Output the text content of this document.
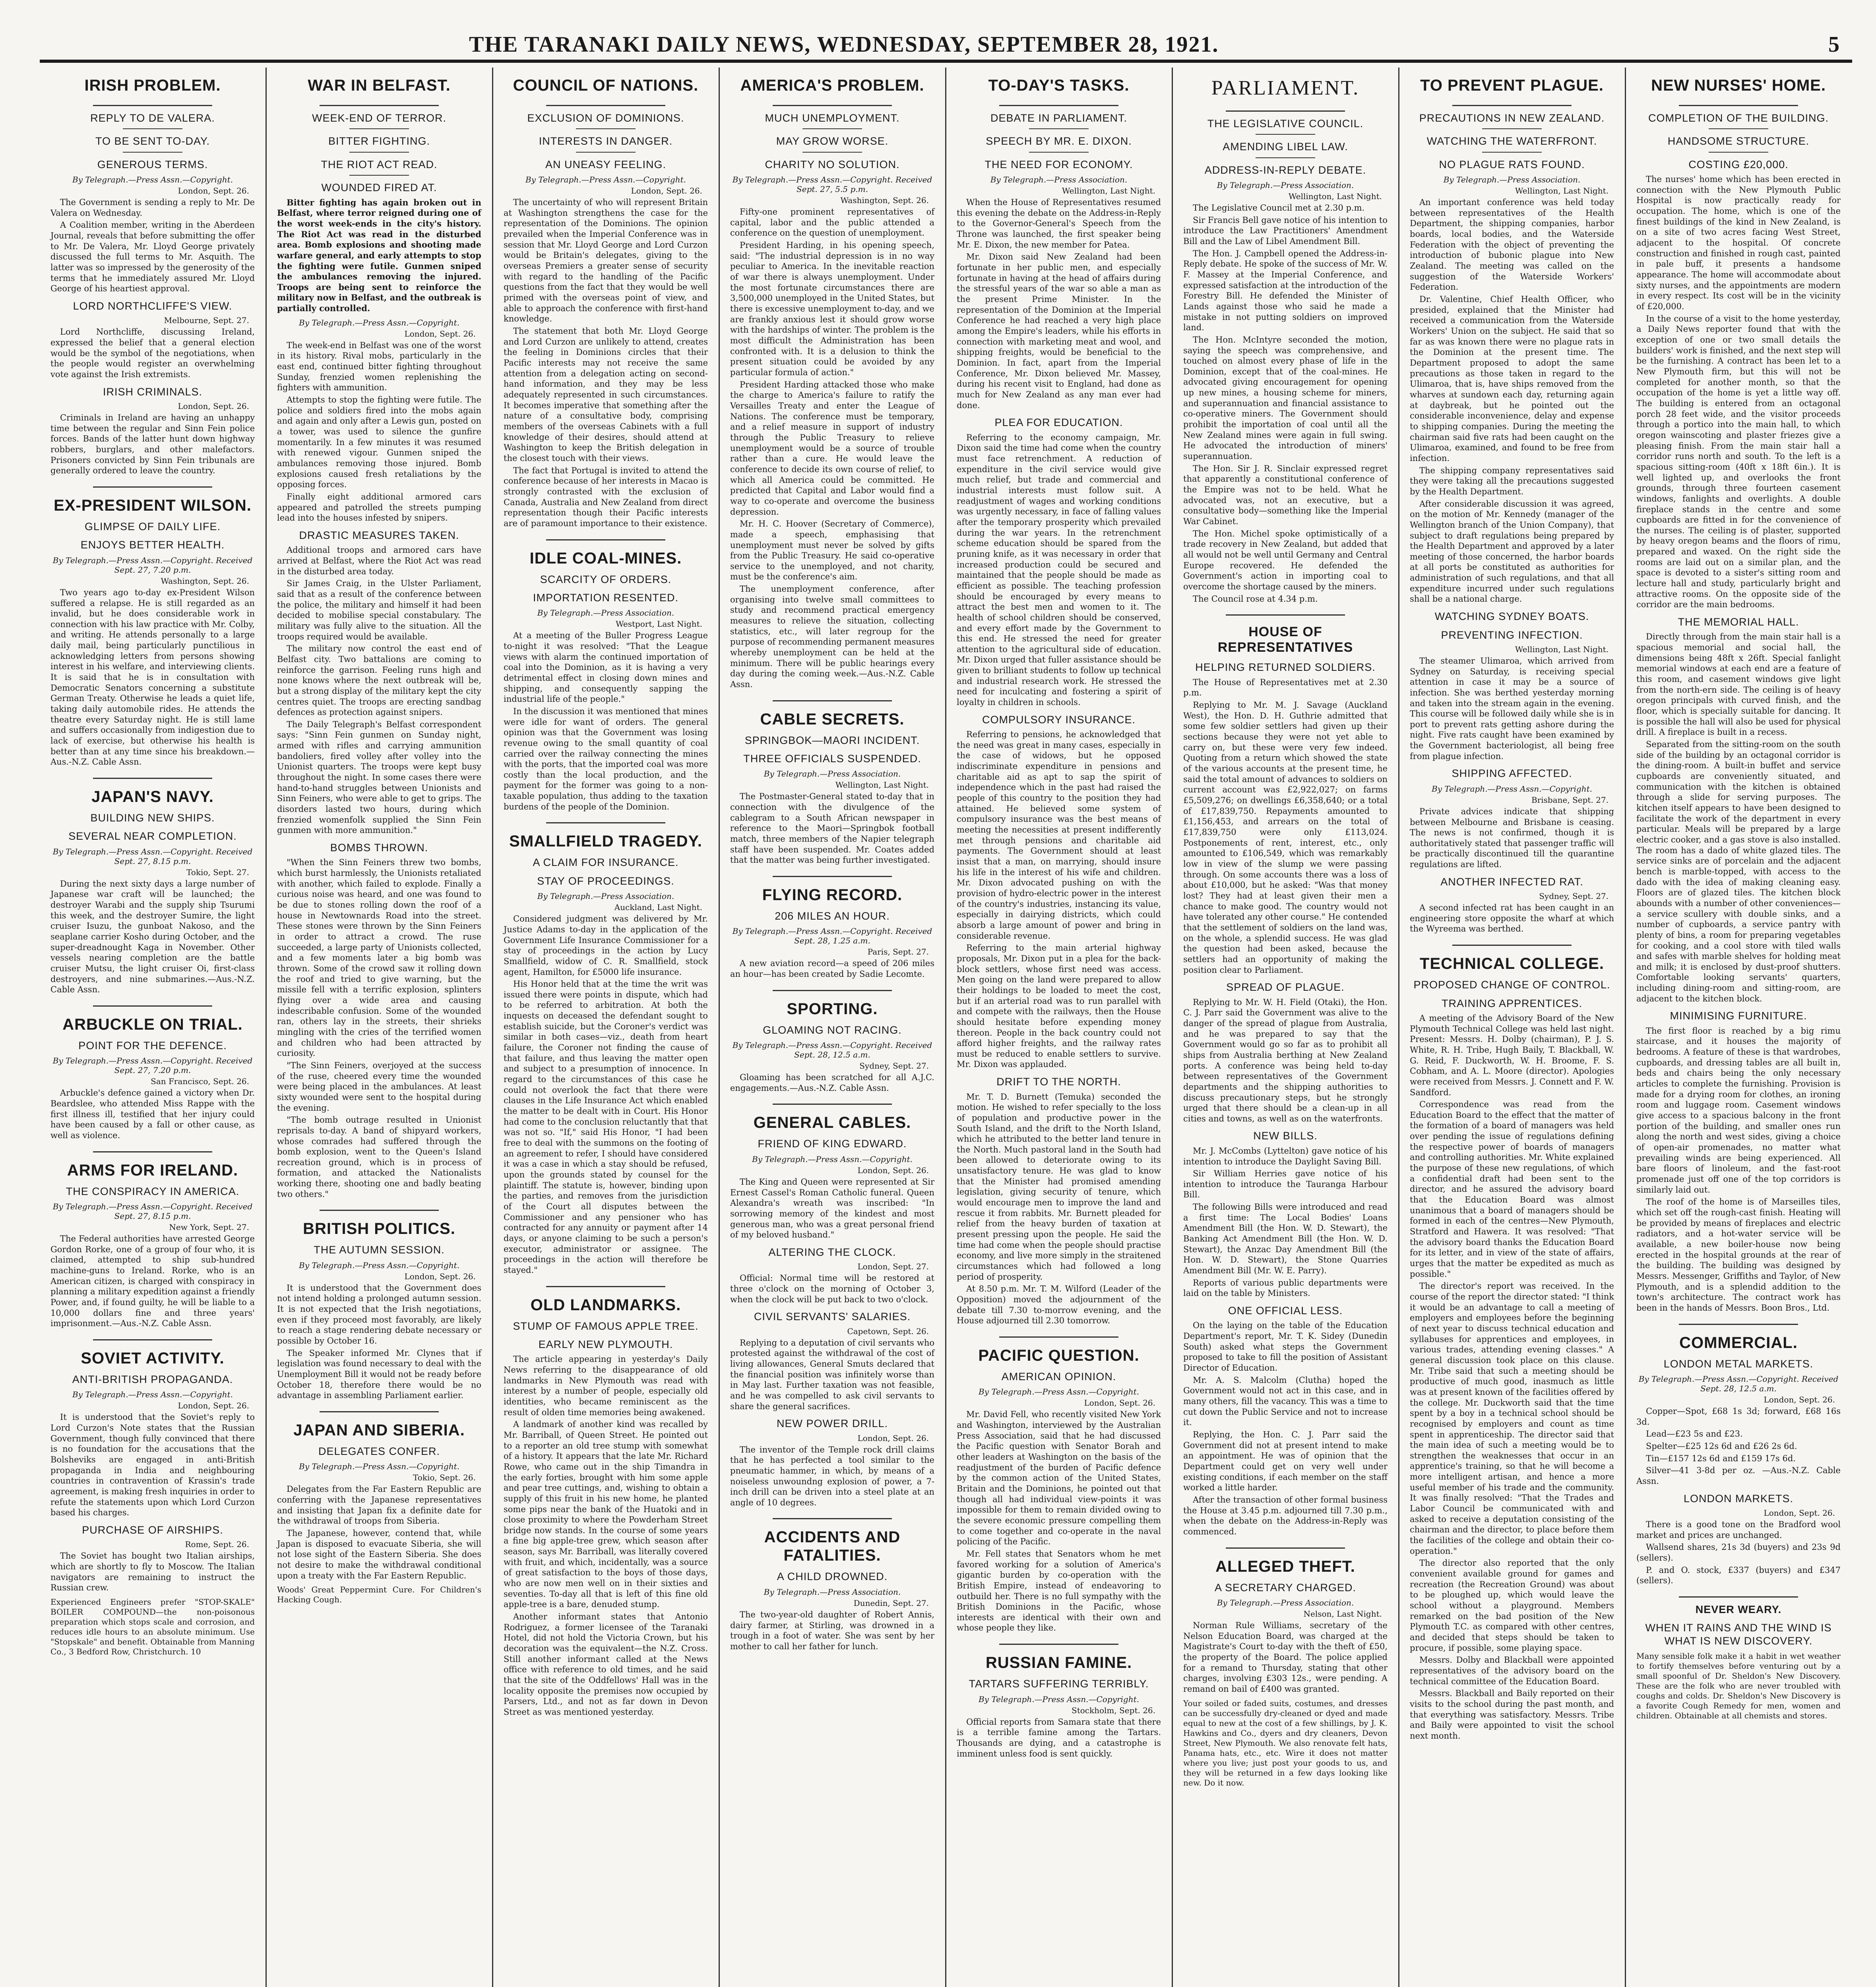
THE TARANAKI DAILY NEWS, WEDNESDAY, SEPTEMBER 28, 1921.	5
IRISH PROBLEM.
REPLY TO DE VALERA.
TO BE SENT TO-DAY.
GENEROUS TERMS.
By Telegraph.—Press Assn.—Copyright.
London, Sept. 26.

The Government is sending a reply to Mr. De Valera on Wednesday.

A Coalition member, writing in the Aberdeen Journal, reveals that before submitting the offer to Mr. De Valera, Mr. Lloyd George privately discussed the full terms to Mr. Asquith. The latter was so impressed by the generosity of the terms that he immediately assured Mr. Lloyd George of his heartiest approval.

LORD NORTHCLIFFE'S VIEW.
Melbourne, Sept. 27.

Lord Northcliffe, discussing Ireland, expressed the belief that a general election would be the symbol of the negotiations, when the people would register an overwhelming vote against the Irish extremists.

IRISH CRIMINALS.
London, Sept. 26.

Criminals in Ireland are having an unhappy time between the regular and Sinn Fein police forces. Bands of the latter hunt down highway robbers, burglars, and other malefactors. Prisoners convicted by Sinn Fein tribunals are generally ordered to leave the country.

EX-PRESIDENT WILSON.
GLIMPSE OF DAILY LIFE.
ENJOYS BETTER HEALTH.
By Telegraph.—Press Assn.—Copyright. Received Sept. 27, 7.20 p.m.
Washington, Sept. 26.

Two years ago to-day ex-President Wilson suffered a relapse. He is still regarded as an invalid, but he does considerable work in connection with his law practice with Mr. Colby, and writing. He attends personally to a large daily mail, being particularly punctilious in acknowledging letters from persons showing interest in his welfare, and interviewing clients. It is said that he is in consultation with Democratic Senators concerning a substitute German Treaty. Otherwise he leads a quiet life, taking daily automobile rides. He attends the theatre every Saturday night. He is still lame and suffers occasionally from indigestion due to lack of exercise, but otherwise his health is better than at any time since his breakdown.—Aus.-N.Z. Cable Assn.

JAPAN'S NAVY.
BUILDING NEW SHIPS.
SEVERAL NEAR COMPLETION.
By Telegraph.—Press Assn.—Copyright. Received Sept. 27, 8.15 p.m.
Tokio, Sept. 27.

During the next sixty days a large number of Japanese war craft will be launched; the destroyer Warabi and the supply ship Tsurumi this week, and the destroyer Sumire, the light cruiser Isuzu, the gunboat Nakoso, and the seaplane carrier Kosho during October, and the super-dreadnought Kaga in November. Other vessels nearing completion are the battle cruiser Mutsu, the light cruiser Oi, first-class destroyers, and nine submarines.—Aus.-N.Z. Cable Assn.

ARBUCKLE ON TRIAL.
POINT FOR THE DEFENCE.
By Telegraph.—Press Assn.—Copyright. Received Sept. 27, 7.20 p.m.
San Francisco, Sept. 26.

Arbuckle's defence gained a victory when Dr. Beardslee, who attended Miss Rappe with the first illness ill, testified that her injury could have been caused by a fall or other cause, as well as violence.

ARMS FOR IRELAND.
THE CONSPIRACY IN AMERICA.
By Telegraph.—Press Assn.—Copyright. Received Sept. 27, 8.15 p.m.
New York, Sept. 27.

The Federal authorities have arrested George Gordon Rorke, one of a group of four who, it is claimed, attempted to ship sub-hundred machine-guns to Ireland. Rorke, who is an American citizen, is charged with conspiracy in planning a military expedition against a friendly Power, and, if found guilty, he will be liable to a 10,000 dollars fine and three years' imprisonment.—Aus.-N.Z. Cable Assn.

SOVIET ACTIVITY.
ANTI-BRITISH PROPAGANDA.
By Telegraph.—Press Assn.—Copyright.
London, Sept. 26.

It is understood that the Soviet's reply to Lord Curzon's Note states that the Russian Government, though fully convinced that there is no foundation for the accusations that the Bolsheviks are engaged in anti-British propaganda in India and neighbouring countries in contravention of Krassin's trade agreement, is making fresh inquiries in order to refute the statements upon which Lord Curzon based his charges.

PURCHASE OF AIRSHIPS.
Rome, Sept. 26.

The Soviet has bought two Italian airships, which are shortly to fly to Moscow. The Italian navigators are remaining to instruct the Russian crew.

Experienced Engineers prefer "STOP-SKALE" BOILER COMPOUND—the non-poisonous preparation which stops scale and corrosion, and reduces idle hours to an absolute minimum. Use "Stopskale" and benefit. Obtainable from Manning Co., 3 Bedford Row, Christchurch. 10
WAR IN BELFAST.
WEEK-END OF TERROR.
BITTER FIGHTING.
THE RIOT ACT READ.
WOUNDED FIRED AT.

Bitter fighting has again broken out in Belfast, where terror reigned during one of the worst week-ends in the city's history. The Riot Act was read in the disturbed area. Bomb explosions and shooting made warfare general, and early attempts to stop the fighting were futile. Gunmen sniped the ambulances removing the injured. Troops are being sent to reinforce the military now in Belfast, and the outbreak is partially controlled.

By Telegraph.—Press Assn.—Copyright.
London, Sept. 26.

The week-end in Belfast was one of the worst in its history. Rival mobs, particularly in the east end, continued bitter fighting throughout Sunday, frenzied women replenishing the fighters with ammunition.

Attempts to stop the fighting were futile. The police and soldiers fired into the mobs again and again and only after a Lewis gun, posted on a tower, was used to silence the gunfire momentarily. In a few minutes it was resumed with renewed vigour. Gunmen sniped the ambulances removing those injured. Bomb explosions caused fresh retaliations by the opposing forces.

Finally eight additional armored cars appeared and patrolled the streets pumping lead into the houses infested by snipers.

DRASTIC MEASURES TAKEN.

Additional troops and armored cars have arrived at Belfast, where the Riot Act was read in the disturbed area today.

Sir James Craig, in the Ulster Parliament, said that as a result of the conference between the police, the military and himself it had been decided to mobilise special constabulary. The military was fully alive to the situation. All the troops required would be available.

The military now control the east end of Belfast city. Two battalions are coming to reinforce the garrison. Feeling runs high and none knows where the next outbreak will be, but a strong display of the military kept the city centres quiet. The troops are erecting sandbag defences as protection against snipers.

The Daily Telegraph's Belfast correspondent says: "Sinn Fein gunmen on Sunday night, armed with rifles and carrying ammunition bandoliers, fired volley after volley into the Unionist quarters. The troops were kept busy throughout the night. In some cases there were hand-to-hand struggles between Unionists and Sinn Feiners, who were able to get to grips. The disorders lasted two hours, during which frenzied womenfolk supplied the Sinn Fein gunmen with more ammunition."

BOMBS THROWN.

"When the Sinn Feiners threw two bombs, which burst harmlessly, the Unionists retaliated with another, which failed to explode. Finally a curious noise was heard, and one was found to be due to stones rolling down the roof of a house in Newtownards Road into the street. These stones were thrown by the Sinn Feiners in order to attract a crowd. The ruse succeeded, a large party of Unionists collected, and a few moments later a big bomb was thrown. Some of the crowd saw it rolling down the roof and tried to give warning, but the missile fell with a terrific explosion, splinters flying over a wide area and causing indescribable confusion. Some of the wounded ran, others lay in the streets, their shrieks mingling with the cries of the terrified women and children who had been attracted by curiosity.

"The Sinn Feiners, overjoyed at the success of the ruse, cheered every time the wounded were being placed in the ambulances. At least sixty wounded were sent to the hospital during the evening.

"The bomb outrage resulted in Unionist reprisals to-day. A band of shipyard workers, whose comrades had suffered through the bomb explosion, went to the Queen's Island recreation ground, which is in process of formation, and attacked the Nationalists working there, shooting one and badly beating two others."

BRITISH POLITICS.
THE AUTUMN SESSION.
By Telegraph.—Press Assn.—Copyright.
London, Sept. 26.

It is understood that the Government does not intend holding a prolonged autumn session. It is not expected that the Irish negotiations, even if they proceed most favorably, are likely to reach a stage rendering debate necessary or possible by October 16.

The Speaker informed Mr. Clynes that if legislation was found necessary to deal with the Unemployment Bill it would not be ready before October 18, therefore there would be no advantage in assembling Parliament earlier.

JAPAN AND SIBERIA.
DELEGATES CONFER.
By Telegraph.—Press Assn.—Copyright.
Tokio, Sept. 26.

Delegates from the Far Eastern Republic are conferring with the Japanese representatives and insisting that Japan fix a definite date for the withdrawal of troops from Siberia.

The Japanese, however, contend that, while Japan is disposed to evacuate Siberia, she will not lose sight of the Eastern Siberia. She does not desire to make the withdrawal conditional upon a treaty with the Far Eastern Republic.

Woods' Great Peppermint Cure. For Children's Hacking Cough.
COUNCIL OF NATIONS.
EXCLUSION OF DOMINIONS.
INTERESTS IN DANGER.
AN UNEASY FEELING.
By Telegraph.—Press Assn.—Copyright.
London, Sept. 26.

The uncertainty of who will represent Britain at Washington strengthens the case for the representation of the Dominions. The opinion prevailed when the Imperial Conference was in session that Mr. Lloyd George and Lord Curzon would be Britain's delegates, giving to the overseas Premiers a greater sense of security with regard to the handling of the Pacific questions from the fact that they would be well primed with the overseas point of view, and able to approach the conference with first-hand knowledge.

The statement that both Mr. Lloyd George and Lord Curzon are unlikely to attend, creates the feeling in Dominions circles that their Pacific interests may not receive the same attention from a delegation acting on second-hand information, and they may be less adequately represented in such circumstances. It becomes imperative that something after the nature of a consultative body, comprising members of the overseas Cabinets with a full knowledge of their desires, should attend at Washington to keep the British delegation in the closest touch with their views.

The fact that Portugal is invited to attend the conference because of her interests in Macao is strongly contrasted with the exclusion of Canada, Australia and New Zealand from direct representation though their Pacific interests are of paramount importance to their existence.

IDLE COAL-MINES.
SCARCITY OF ORDERS.
IMPORTATION RESENTED.
By Telegraph.—Press Association.
Westport, Last Night.

At a meeting of the Buller Progress League to-night it was resolved: "That the League views with alarm the continued importation of coal into the Dominion, as it is having a very detrimental effect in closing down mines and shipping, and consequently sapping the industrial life of the people."

In the discussion it was mentioned that mines were idle for want of orders. The general opinion was that the Government was losing revenue owing to the small quantity of coal carried over the railway connecting the mines with the ports, that the imported coal was more costly than the local production, and the payment for the former was going to a non-taxable population, thus adding to the taxation burdens of the people of the Dominion.

SMALLFIELD TRAGEDY.
A CLAIM FOR INSURANCE.
STAY OF PROCEEDINGS.
By Telegraph.—Press Association.
Auckland, Last Night.

Considered judgment was delivered by Mr. Justice Adams to-day in the application of the Government Life Insurance Commissioner for a stay of proceedings in the action by Lucy Smallfield, widow of C. R. Smallfield, stock agent, Hamilton, for £5000 life insurance.

His Honor held that at the time the writ was issued there were points in dispute, which had to be referred to arbitration. At both the inquests on deceased the defendant sought to establish suicide, but the Coroner's verdict was similar in both cases—viz., death from heart failure, the Coroner not finding the cause of that failure, and thus leaving the matter open and subject to a presumption of innocence. In regard to the circumstances of this case he could not overlook the fact that there were clauses in the Life Insurance Act which enabled the matter to be dealt with in Court. His Honor had come to the conclusion reluctantly that that was not so. "If," said His Honor, "I had been free to deal with the summons on the footing of an agreement to refer, I should have considered it was a case in which a stay should be refused, upon the grounds stated by counsel for the plaintiff. The statute is, however, binding upon the parties, and removes from the jurisdiction of the Court all disputes between the Commissioner and any pensioner who has contracted for any annuity or payment after 14 days, or anyone claiming to be such a person's executor, administrator or assignee. The proceedings in the action will therefore be stayed."

OLD LANDMARKS.
STUMP OF FAMOUS APPLE TREE.
EARLY NEW PLYMOUTH.

The article appearing in yesterday's Daily News referring to the disappearance of old landmarks in New Plymouth was read with interest by a number of people, especially old identities, who became reminiscent as the result of olden time memories being awakened.

A landmark of another kind was recalled by Mr. Barriball, of Queen Street. He pointed out to a reporter an old tree stump with somewhat of a history. It appears that the late Mr. Richard Rowe, who came out in the ship Timandra in the early forties, brought with him some apple and pear tree cuttings, and, wishing to obtain a supply of this fruit in his new home, he planted some pips near the bank of the Huatoki and in close proximity to where the Powderham Street bridge now stands. In the course of some years a fine big apple-tree grew, which season after season, says Mr. Barriball, was literally covered with fruit, and which, incidentally, was a source of great satisfaction to the boys of those days, who are now men well on in their sixties and seventies. To-day all that is left of this fine old apple-tree is a bare, denuded stump.

Another informant states that Antonio Rodriguez, a former licensee of the Taranaki Hotel, did not hold the Victoria Crown, but his decoration was the equivalent—the N.Z. Cross. Still another informant called at the News office with reference to old times, and he said that the site of the Oddfellows' Hall was in the locality opposite the premises now occupied by Parsers, Ltd., and not as far down in Devon Street as was mentioned yesterday.

AMERICA'S PROBLEM.
MUCH UNEMPLOYMENT.
MAY GROW WORSE.
CHARITY NO SOLUTION.
By Telegraph.—Press Assn.—Copyright. Received Sept. 27, 5.5 p.m.
Washington, Sept. 26.

Fifty-one prominent representatives of capital, labor and the public attended a conference on the question of unemployment.

President Harding, in his opening speech, said: "The industrial depression is in no way peculiar to America. In the inevitable reaction of war there is always unemployment. Under the most fortunate circumstances there are 3,500,000 unemployed in the United States, but there is excessive unemployment to-day, and we are frankly anxious lest it should grow worse with the hardships of winter. The problem is the most difficult the Administration has been confronted with. It is a delusion to think the present situation could be avoided by any particular formula of action."

President Harding attacked those who make the charge to America's failure to ratify the Versailles Treaty and enter the League of Nations. The conference must be temporary, and a relief measure in support of industry through the Public Treasury to relieve unemployment would be a source of trouble rather than a cure. He would leave the conference to decide its own course of relief, to which all America could be committed. He predicted that Capital and Labor would find a way to co-operate and overcome the business depression.

Mr. H. C. Hoover (Secretary of Commerce), made a speech, emphasising that unemployment must never be solved by gifts from the Public Treasury. He said co-operative service to the unemployed, and not charity, must be the conference's aim.

The unemployment conference, after organising into twelve small committees to study and recommend practical emergency measures to relieve the situation, collecting statistics, etc., will later regroup for the purpose of recommending permanent measures whereby unemployment can be held at the minimum. There will be public hearings every day during the coming week.—Aus.-N.Z. Cable Assn.

CABLE SECRETS.
SPRINGBOK—MAORI INCIDENT.
THREE OFFICIALS SUSPENDED.
By Telegraph.—Press Association.
Wellington, Last Night.

The Postmaster-General stated to-day that in connection with the divulgence of the cablegram to a South African newspaper in reference to the Maori—Springbok football match, three members of the Napier telegraph staff have been suspended. Mr. Coates added that the matter was being further investigated.

FLYING RECORD.
206 MILES AN HOUR.
By Telegraph.—Press Assn.—Copyright. Received Sept. 28, 1.25 a.m.
Paris, Sept. 27.

A new aviation record—a speed of 206 miles an hour—has been created by Sadie Lecomte.

SPORTING.
GLOAMING NOT RACING.
By Telegraph.—Press Assn.—Copyright. Received Sept. 28, 12.5 a.m.
Sydney, Sept. 27.

Gloaming has been scratched for all A.J.C. engagements.—Aus.-N.Z. Cable Assn.

GENERAL CABLES.
FRIEND OF KING EDWARD.
By Telegraph.—Press Assn.—Copyright.
London, Sept. 26.

The King and Queen were represented at Sir Ernest Cassel's Roman Catholic funeral. Queen Alexandra's wreath was inscribed: "In sorrowing memory of the kindest and most generous man, who was a great personal friend of my beloved husband."

ALTERING THE CLOCK.
London, Sept. 27.

Official: Normal time will be restored at three o'clock on the morning of October 3, when the clock will be put back to two o'clock.

CIVIL SERVANTS' SALARIES.
Capetown, Sept. 26.

Replying to a deputation of civil servants who protested against the withdrawal of the cost of living allowances, General Smuts declared that the financial position was infinitely worse than in May last. Further taxation was not feasible, and he was compelled to ask civil servants to share the general sacrifices.

NEW POWER DRILL.
London, Sept. 26.

The inventor of the Temple rock drill claims that he has perfected a tool similar to the pneumatic hammer, in which, by means of a noiseless unwoundng explosion of power, a 7-inch drill can be driven into a steel plate at an angle of 10 degrees.

ACCIDENTS AND FATALITIES.
A CHILD DROWNED.
By Telegraph.—Press Association.
Dunedin, Sept. 27.

The two-year-old daughter of Robert Annis, dairy farmer, at Stirling, was drowned in a trough in a foot of water. She was sent by her mother to call her father for lunch.

TO-DAY'S TASKS.
DEBATE IN PARLIAMENT.
SPEECH BY MR. E. DIXON.
THE NEED FOR ECONOMY.
By Telegraph.—Press Association.
Wellington, Last Night.

When the House of Representatives resumed this evening the debate on the Address-in-Reply to the Governor-General's Speech from the Throne was launched, the first speaker being Mr. E. Dixon, the new member for Patea.

Mr. Dixon said New Zealand had been fortunate in her public men, and especially fortunate in having at the head of affairs during the stressful years of the war so able a man as the present Prime Minister. In the representation of the Dominion at the Imperial Conference he had reached a very high place among the Empire's leaders, while his efforts in connection with marketing meat and wool, and shipping freights, would be beneficial to the Dominion. In fact, apart from the Imperial Conference, Mr. Dixon believed Mr. Massey, during his recent visit to England, had done as much for New Zealand as any man ever had done.

PLEA FOR EDUCATION.

Referring to the economy campaign, Mr. Dixon said the time had come when the country must face retrenchment. A reduction of expenditure in the civil service would give much relief, but trade and commercial and industrial interests must follow suit. A readjustment of wages and working conditions was urgently necessary, in face of falling values after the temporary prosperity which prevailed during the war years. In the retrenchment scheme education should be spared from the pruning knife, as it was necessary in order that increased production could be secured and maintained that the people should be made as efficient as possible. The teaching profession should be encouraged by every means to attract the best men and women to it. The health of school children should be conserved, and every effort made by the Government to this end. He stressed the need for greater attention to the agricultural side of education. Mr. Dixon urged that fuller assistance should be given to brilliant students to follow up technical and industrial research work. He stressed the need for inculcating and fostering a spirit of loyalty in children in schools.

COMPULSORY INSURANCE.

Referring to pensions, he acknowledged that the need was great in many cases, especially in the case of widows, but he opposed indiscriminate expenditure in pensions and charitable aid as apt to sap the spirit of independence which in the past had raised the people of this country to the position they had attained. He believed some system of compulsory insurance was the best means of meeting the necessities at present indifferently met through pensions and charitable aid payments. The Government should at least insist that a man, on marrying, should insure his life in the interest of his wife and children. Mr. Dixon advocated pushing on with the provision of hydro-electric power in the interest of the country's industries, instancing its value, especially in dairying districts, which could absorb a large amount of power and bring in considerable revenue.

Referring to the main arterial highway proposals, Mr. Dixon put in a plea for the back-block settlers, whose first need was access. Men going on the land were prepared to allow their holdings to be loaded to meet the cost, but if an arterial road was to run parallel with and compete with the railways, then the House should hesitate before expending money thereon. People in the back country could not afford higher freights, and the railway rates must be reduced to enable settlers to survive. Mr. Dixon was applauded.

DRIFT TO THE NORTH.

Mr. T. D. Burnett (Temuka) seconded the motion. He wished to refer specially to the loss of population and productive power in the South Island, and the drift to the North Island, which he attributed to the better land tenure in the North. Much pastoral land in the South had been allowed to deteriorate owing to its unsatisfactory tenure. He was glad to know that the Minister had promised amending legislation, giving security of tenure, which would encourage men to improve the land and rescue it from rabbits. Mr. Burnett pleaded for relief from the heavy burden of taxation at present pressing upon the people. He said the time had come when the people should practise economy, and live more simply in the straitened circumstances which had followed a long period of prosperity.

At 8.50 p.m. Mr. T. M. Wilford (Leader of the Opposition) moved the adjournment of the debate till 7.30 to-morrow evening, and the House adjourned till 2.30 tomorrow.

PACIFIC QUESTION.
AMERICAN OPINION.
By Telegraph.—Press Assn.—Copyright.
London, Sept. 26.

Mr. David Fell, who recently visited New York and Washington, interviewed by the Australian Press Association, said that he had discussed the Pacific question with Senator Borah and other leaders at Washington on the basis of the readjustment of the burden of Pacific defence by the common action of the United States, Britain and the Dominions, he pointed out that though all had individual view-points it was impossible for them to remain divided owing to the severe economic pressure compelling them to come together and co-operate in the naval policing of the Pacific.

Mr. Fell states that Senators whom he met favored working for a solution of America's gigantic burden by co-operation with the British Empire, instead of endeavoring to outbuild her. There is no full sympathy with the British Dominions in the Pacific, whose interests are identical with their own and whose people they like.

RUSSIAN FAMINE.
TARTARS SUFFERING TERRIBLY.
By Telegraph.—Press Assn.—Copyright.
Stockholm, Sept. 26.

Official reports from Samara state that there is a terrible famine among the Tartars. Thousands are dying, and a catastrophe is imminent unless food is sent quickly.

PARLIAMENT.
THE LEGISLATIVE COUNCIL.
AMENDING LIBEL LAW.
ADDRESS-IN-REPLY DEBATE.
By Telegraph.—Press Association.
Wellington, Last Night.

The Legislative Council met at 2.30 p.m.

Sir Francis Bell gave notice of his intention to introduce the Law Practitioners' Amendment Bill and the Law of Libel Amendment Bill.

The Hon. J. Campbell opened the Address-in-Reply debate. He spoke of the success of Mr. W. F. Massey at the Imperial Conference, and expressed satisfaction at the introduction of the Forestry Bill. He defended the Minister of Lands against those who said he made a mistake in not putting soldiers on improved land.

The Hon. McIntyre seconded the motion, saying the speech was comprehensive, and touched on almost every phase of life in the Dominion, except that of the coal-mines. He advocated giving encouragement for opening up new mines, a housing scheme for miners, and superannuation and financial assistance to co-operative miners. The Government should prohibit the importation of coal until all the New Zealand mines were again in full swing. He advocated the introduction of miners' superannuation.

The Hon. Sir J. R. Sinclair expressed regret that apparently a constitutional conference of the Empire was not to be held. What he advocated was, not an executive, but a consultative body—something like the Imperial War Cabinet.

The Hon. Michel spoke optimistically of a trade recovery in New Zealand, but added that all would not be well until Germany and Central Europe recovered. He defended the Government's action in importing coal to overcome the shortage caused by the miners.

The Council rose at 4.34 p.m.

HOUSE OF REPRESENTATIVES
HELPING RETURNED SOLDIERS.

The House of Representatives met at 2.30 p.m.

Replying to Mr. M. J. Savage (Auckland West), the Hon. D. H. Guthrie admitted that some few soldier settlers had given up their sections because they were not yet able to carry on, but these were very few indeed. Quoting from a return which showed the state of the various accounts at the present time, he said the total amount of advances to soldiers on current account was £2,922,027; on farms £5,509,276; on dwellings £6,358,640; or a total of £17,839,750. Repayments amounted to £1,156,453, and arrears on the total of £17,839,750 were only £113,024. Postponements of rent, interest, etc., only amounted to £106,549, which was remarkably low in view of the slump we were passing through. On some accounts there was a loss of about £10,000, but he asked: "Was that money lost? They had at least given their men a chance to make good. The country would not have tolerated any other course." He contended that the settlement of soldiers on the land was, on the whole, a splendid success. He was glad the question had been asked, because the settlers had an opportunity of making the position clear to Parliament.

SPREAD OF PLAGUE.

Replying to Mr. W. H. Field (Otaki), the Hon. C. J. Parr said the Government was alive to the danger of the spread of plague from Australia, and he was prepared to say that the Government would go so far as to prohibit all ships from Australia berthing at New Zealand ports. A conference was being held to-day between representatives of the Government departments and the shipping authorities to discuss precautionary steps, but he strongly urged that there should be a clean-up in all cities and towns, as well as on the waterfronts.

NEW BILLS.

Mr. J. McCombs (Lyttelton) gave notice of his intention to introduce the Daylight Saving Bill.

Sir William Herries gave notice of his intention to introduce the Tauranga Harbour Bill.

The following Bills were introduced and read a first time: The Local Bodies' Loans Amendment Bill (the Hon. W. D. Stewart), the Banking Act Amendment Bill (the Hon. W. D. Stewart), the Anzac Day Amendment Bill (the Hon. W. D. Stewart), the Stone Quarries Amendment Bill (Mr. W. E. Parry).

Reports of various public departments were laid on the table by Ministers.

ONE OFFICIAL LESS.

On the laying on the table of the Education Department's report, Mr. T. K. Sidey (Dunedin South) asked what steps the Government proposed to take to fill the position of Assistant Director of Education.

Mr. A. S. Malcolm (Clutha) hoped the Government would not act in this case, and in many others, fill the vacancy. This was a time to cut down the Public Service and not to increase it.

Replying, the Hon. C. J. Parr said the Government did not at present intend to make an appointment. He was of opinion that the Department could get on very well under existing conditions, if each member on the staff worked a little harder.

After the transaction of other formal business the House at 3.45 p.m. adjourned till 7.30 p.m., when the debate on the Address-in-Reply was commenced.

ALLEGED THEFT.
A SECRETARY CHARGED.
By Telegraph.—Press Association.
Nelson, Last Night.

Norman Rule Williams, secretary of the Nelson Education Board, was charged at the Magistrate's Court to-day with the theft of £50, the property of the Board. The police applied for a remand to Thursday, stating that other charges, involving £303 12s., were pending. A remand on bail of £400 was granted.

Your soiled or faded suits, costumes, and dresses can be successfully dry-cleaned or dyed and made equal to new at the cost of a few shillings, by J. K. Hawkins and Co., dyers and dry cleaners, Devon Street, New Plymouth. We also renovate felt hats, Panama hats, etc., etc. Wire it does not matter where you live; just post your goods to us, and they will be returned in a few days looking like new. Do it now.
TO PREVENT PLAGUE.
PRECAUTIONS IN NEW ZEALAND.
WATCHING THE WATERFRONT.
NO PLAGUE RATS FOUND.
By Telegraph.—Press Association.
Wellington, Last Night.

An important conference was held today between representatives of the Health Department, the shipping companies, harbor boards, local bodies, and the Waterside Federation with the object of preventing the introduction of bubonic plague into New Zealand. The meeting was called on the suggestion of the Waterside Workers' Federation.

Dr. Valentine, Chief Health Officer, who presided, explained that the Minister had received a communication from the Waterside Workers' Union on the subject. He said that so far as was known there were no plague rats in the Dominion at the present time. The Department proposed to adopt the same precautions as those taken in regard to the Ulimaroa, that is, have ships removed from the wharves at sundown each day, returning again at daybreak, but he pointed out the considerable inconvenience, delay and expense to shipping companies. During the meeting the chairman said five rats had been caught on the Ulimaroa, examined, and found to be free from infection.

The shipping company representatives said they were taking all the precautions suggested by the Health Department.

After considerable discussion it was agreed, on the motion of Mr. Kennedy (manager of the Wellington branch of the Union Company), that subject to draft regulations being prepared by the Health Department and approved by a later meeting of those concerned, the harbor boards at all ports be constituted as authorities for administration of such regulations, and that all expenditure incurred under such regulations shall be a national charge.

WATCHING SYDNEY BOATS.
PREVENTING INFECTION.
Wellington, Last Night.

The steamer Ulimaroa, which arrived from Sydney on Saturday, is receiving special attention in case it may be a source of infection. She was berthed yesterday morning and taken into the stream again in the evening. This course will be followed daily while she is in port to prevent rats getting ashore during the night. Five rats caught have been examined by the Government bacteriologist, all being free from plague infection.

SHIPPING AFFECTED.
By Telegraph.—Press Assn.—Copyright.
Brisbane, Sept. 27.

Private advices indicate that shipping between Melbourne and Brisbane is ceasing. The news is not confirmed, though it is authoritatively stated that passenger traffic will be practically discontinued till the quarantine regulations are lifted.

ANOTHER INFECTED RAT.
Sydney, Sept. 27.

A second infected rat has been caught in an engineering store opposite the wharf at which the Wyreema was berthed.

TECHNICAL COLLEGE.
PROPOSED CHANGE OF CONTROL.
TRAINING APPRENTICES.

A meeting of the Advisory Board of the New Plymouth Technical College was held last night. Present: Messrs. H. Dolby (chairman), P. J. S. White, R. H. Tribe, Hugh Baily, T. Blackball, W. G. Reid, F. Duckworth, W. H. Broome, F. S. Cobham, and A. L. Moore (director). Apologies were received from Messrs. J. Connett and F. W. Sandford.

Correspondence was read from the Education Board to the effect that the matter of the formation of a board of managers was held over pending the issue of regulations defining the respective power of boards of managers and controlling authorities. Mr. White explained the purpose of these new regulations, of which a confidential draft had been sent to the director, and he assured the advisory board that the Education Board was almost unanimous that a board of managers should be formed in each of the centres—New Plymouth, Stratford and Hawera. It was resolved: "That the advisory board thanks the Education Board for its letter, and in view of the state of affairs, urges that the matter be expedited as much as possible."

The director's report was received. In the course of the report the director stated: "I think it would be an advantage to call a meeting of employers and employees before the beginning of next year to discuss technical education and syllabuses for apprentices and employees, in various trades, attending evening classes." A general discussion took place on this clause. Mr. Tribe said that such a meeting should be productive of much good, inasmuch as little was at present known of the facilities offered by the college. Mr. Duckworth said that the time spent by a boy in a technical school should be recognised by employers and count as time spent in apprenticeship. The director said that the main idea of such a meeting would be to strengthen the weaknesses that occur in an apprentice's training, so that he will become a more intelligent artisan, and hence a more useful member of his trade and the community. It was finally resolved: "That the Trades and Labor Council be communicated with and asked to receive a deputation consisting of the chairman and the director, to place before them the facilities of the college and obtain their co-operation."

The director also reported that the only convenient available ground for games and recreation (the Recreation Ground) was about to be ploughed up, which would leave the school without a playground. Members remarked on the bad position of the New Plymouth T.C. as compared with other centres, and decided that steps should be taken to procure, if possible, some playing space.

Messrs. Dolby and Blackball were appointed representatives of the advisory board on the technical committee of the Education Board.

Messrs. Blackball and Baily reported on their visits to the school during the past month, and that everything was satisfactory. Messrs. Tribe and Baily were appointed to visit the school next month.

NEW NURSES' HOME.
COMPLETION OF THE BUILDING.
HANDSOME STRUCTURE.
COSTING £20,000.

The nurses' home which has been erected in connection with the New Plymouth Public Hospital is now practically ready for occupation. The home, which is one of the finest buildings of the kind in New Zealand, is on a site of two acres facing West Street, adjacent to the hospital. Of concrete construction and finished in rough cast, painted in pale buff, it presents a handsome appearance. The home will accommodate about sixty nurses, and the appointments are modern in every respect. Its cost will be in the vicinity of £20,000.

In the course of a visit to the home yesterday, a Daily News reporter found that with the exception of one or two small details the builders' work is finished, and the next step will be the furnishing. A contract has been let to a New Plymouth firm, but this will not be completed for another month, so that the occupation of the home is yet a little way off. The building is entered from an octagonal porch 28 feet wide, and the visitor proceeds through a portico into the main hall, to which oregon wainscoting and plaster friezes give a pleasing finish. From the main stair hall a corridor runs north and south. To the left is a spacious sitting-room (40ft x 18ft 6in.). It is well lighted up, and overlooks the front grounds, through three fourteen casement windows, fanlights and overlights. A double fireplace stands in the centre and some cupboards are fitted in for the convenience of the nurses. The ceiling is of plaster, supported by heavy oregon beams and the floors of rimu, prepared and waxed. On the right side the rooms are laid out on a similar plan, and the space is devoted to a sister's sitting room and lecture hall and study, particularly bright and attractive rooms. On the opposite side of the corridor are the main bedrooms.

THE MEMORIAL HALL.

Directly through from the main stair hall is a spacious memorial and social hall, the dimensions being 48ft x 26ft. Special fanlight memorial windows at each end are a feature of this room, and casement windows give light from the north-ern side. The ceiling is of heavy oregon principals with curved finish, and the floor, which is specially suitable for dancing. It is possible the hall will also be used for physical drill. A fireplace is built in a recess.

Separated from the sitting-room on the south side of the building by an octagonal corridor is the dining-room. A built-in buffet and service cupboards are conveniently situated, and communication with the kitchen is obtained through a slide for serving purposes. The kitchen itself appears to have been designed to facilitate the work of the department in every particular. Meals will be prepared by a large electric cooker, and a gas stove is also installed. The room has a dado of white glazed tiles. The service sinks are of porcelain and the adjacent bench is marble-topped, with access to the dado with the idea of making cleaning easy. Floors are of glazed tiles. The kitchen block abounds with a number of other conveniences—a service scullery with double sinks, and a number of cupboards, a service pantry with plenty of bins, a room for preparing vegetables for cooking, and a cool store with tiled walls and safes with marble shelves for holding meat and milk; it is enclosed by dust-proof shutters. Comfortable looking servants' quarters, including dining-room and sitting-room, are adjacent to the kitchen block.

MINIMISING FURNITURE.

The first floor is reached by a big rimu staircase, and it houses the majority of bedrooms. A feature of these is that wardrobes, cupboards, and dressing tables are all built in, beds and chairs being the only necessary articles to complete the furnishing. Provision is made for a drying room for clothes, an ironing room and luggage room. Casement windows give access to a spacious balcony in the front portion of the building, and smaller ones run along the north and west sides, giving a choice of open-air promenades, no matter what prevailing winds are being experienced. All bare floors of linoleum, and the fast-root promenade just off one of the top corridors is similarly laid out.

The roof of the home is of Marseilles tiles, which set off the rough-cast finish. Heating will be provided by means of fireplaces and electric radiators, and a hot-water service will be available, a new boiler-house now being erected in the hospital grounds at the rear of the building. The building was designed by Messrs. Messenger, Griffiths and Taylor, of New Plymouth, and is a splendid addition to the town's architecture. The contract work has been in the hands of Messrs. Boon Bros., Ltd.

COMMERCIAL.
LONDON METAL MARKETS.
By Telegraph.—Press Assn.—Copyright. Received Sept. 28, 12.5 a.m.
London, Sept. 26.

Copper—Spot, £68 1s 3d; forward, £68 16s 3d.

Lead—£23 5s and £23.

Spelter—£25 12s 6d and £26 2s 6d.

Tin—£157 12s 6d and £159 17s 6d.

Silver—41 3-8d per oz. —Aus.-N.Z. Cable Assn.

LONDON MARKETS.
London, Sept. 26.

There is a good tone on the Bradford wool market and prices are unchanged.

Wallsend shares, 21s 3d (buyers) and 23s 9d (sellers).

P. and O. stock, £337 (buyers) and £347 (sellers).

NEVER WEARY.
WHEN IT RAINS AND THE WIND IS WHAT IS NEW DISCOVERY.
Many sensible folk make it a habit in wet weather to fortify themselves before venturing out by a small spoonful of Dr. Sheldon's New Discovery. These are the folk who are never troubled with coughs and colds. Dr. Sheldon's New Discovery is a favorite Cough Remedy for men, women and children. Obtainable at all chemists and stores.
